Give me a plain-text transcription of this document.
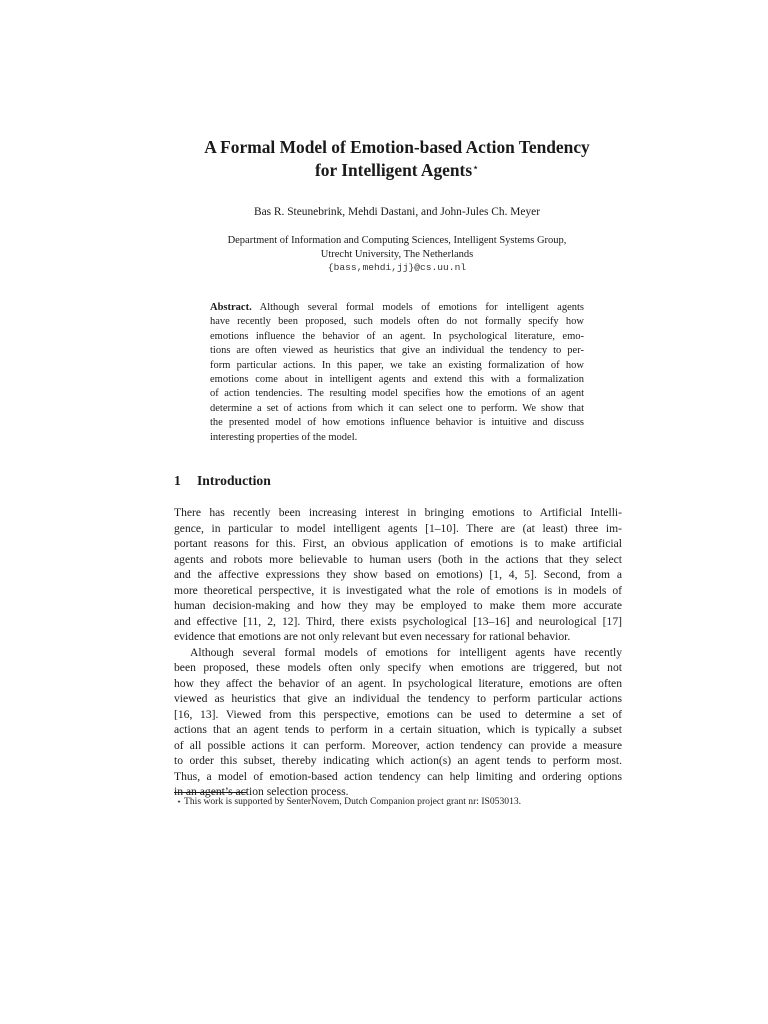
A Formal Model of Emotion-based Action Tendency
for Intelligent Agents⋆
Bas R. Steunebrink, Mehdi Dastani, and John-Jules Ch. Meyer
Department of Information and Computing Sciences, Intelligent Systems Group,
Utrecht University, The Netherlands
{bass,mehdi,jj}@cs.uu.nl
Abstract. Although several formal models of emotions for intelligent agents
have recently been proposed, such models often do not formally specify how
emotions influence the behavior of an agent. In psychological literature, emo-
tions are often viewed as heuristics that give an individual the tendency to per-
form particular actions. In this paper, we take an existing formalization of how
emotions come about in intelligent agents and extend this with a formalization
of action tendencies. The resulting model specifies how the emotions of an agent
determine a set of actions from which it can select one to perform. We show that
the presented model of how emotions influence behavior is intuitive and discuss
interesting properties of the model.
1 Introduction
There has recently been increasing interest in bringing emotions to Artificial Intelli-
gence, in particular to model intelligent agents [1–10]. There are (at least) three im-
portant reasons for this. First, an obvious application of emotions is to make artificial
agents and robots more believable to human users (both in the actions that they select
and the affective expressions they show based on emotions) [1, 4, 5]. Second, from a
more theoretical perspective, it is investigated what the role of emotions is in models of
human decision-making and how they may be employed to make them more accurate
and effective [11, 2, 12]. Third, there exists psychological [13–16] and neurological [17]
evidence that emotions are not only relevant but even necessary for rational behavior.
Although several formal models of emotions for intelligent agents have recently
been proposed, these models often only specify when emotions are triggered, but not
how they affect the behavior of an agent. In psychological literature, emotions are often
viewed as heuristics that give an individual the tendency to perform particular actions
[16, 13]. Viewed from this perspective, emotions can be used to determine a set of
actions that an agent tends to perform in a certain situation, which is typically a subset
of all possible actions it can perform. Moreover, action tendency can provide a measure
to order this subset, thereby indicating which action(s) an agent tends to perform most.
Thus, a model of emotion-based action tendency can help limiting and ordering options
in an agent’s action selection process.
⋆ This work is supported by SenterNovem, Dutch Companion project grant nr: IS053013.
